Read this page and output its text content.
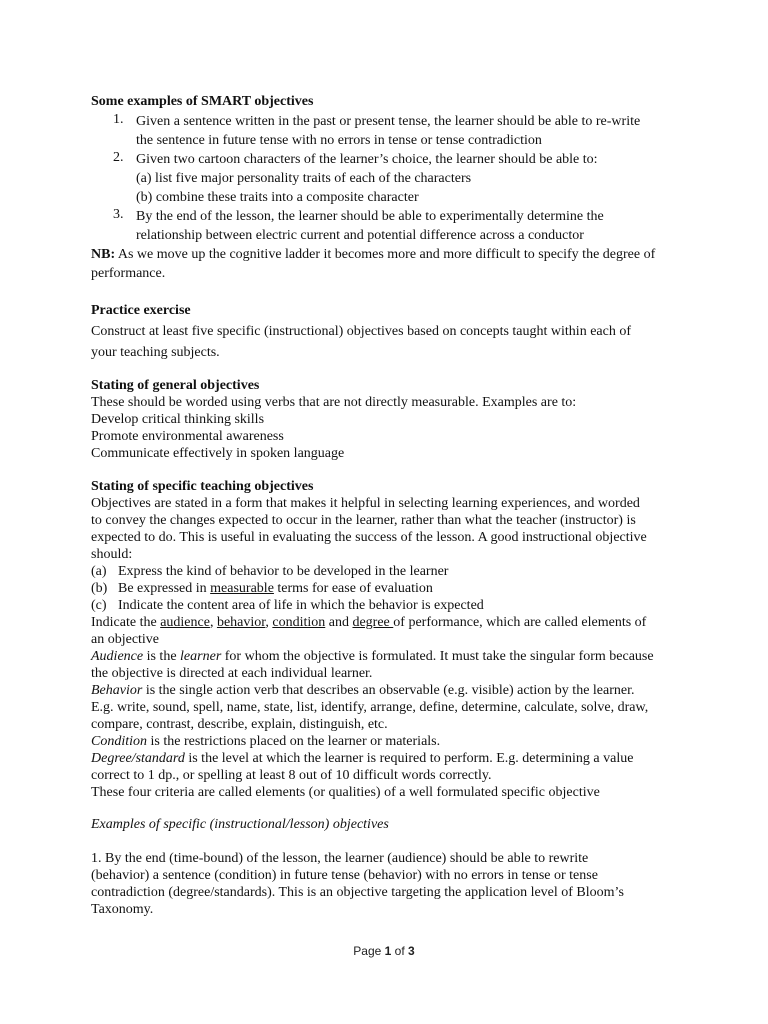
Some examples of SMART objectives
1. Given a sentence written in the past or present tense, the learner should be able to re-write
the sentence in future tense with no errors in tense or tense contradiction
2. Given two cartoon characters of the learner’s choice, the learner should be able to:
(a) list five major personality traits of each of the characters
(b) combine these traits into a composite character
3. By the end of the lesson, the learner should be able to experimentally determine the
relationship between electric current and potential difference across a conductor
NB: As we move up the cognitive ladder it becomes more and more difficult to specify the degree of
performance.
Practice exercise
Construct at least five specific (instructional) objectives based on concepts taught within each of
your teaching subjects.
Stating of general objectives
These should be worded using verbs that are not directly measurable. Examples are to:
Develop critical thinking skills
Promote environmental awareness
Communicate effectively in spoken language
Stating of specific teaching objectives
Objectives are stated in a form that makes it helpful in selecting learning experiences, and worded
to convey the changes expected to occur in the learner, rather than what the teacher (instructor) is
expected to do. This is useful in evaluating the success of the lesson. A good instructional objective
should:
(a) Express the kind of behavior to be developed in the learner
(b) Be expressed in measurable terms for ease of evaluation
(c) Indicate the content area of life in which the behavior is expected
Indicate the audience, behavior, condition and degree of performance, which are called elements of
an objective
Audience is the learner for whom the objective is formulated. It must take the singular form because
the objective is directed at each individual learner.
Behavior is the single action verb that describes an observable (e.g. visible) action by the learner.
E.g. write, sound, spell, name, state, list, identify, arrange, define, determine, calculate, solve, draw,
compare, contrast, describe, explain, distinguish, etc.
Condition is the restrictions placed on the learner or materials.
Degree/standard is the level at which the learner is required to perform. E.g. determining a value
correct to 1 dp., or spelling at least 8 out of 10 difficult words correctly.
These four criteria are called elements (or qualities) of a well formulated specific objective
Examples of specific (instructional/lesson) objectives
1. By the end (time-bound) of the lesson, the learner (audience) should be able to rewrite
(behavior) a sentence (condition) in future tense (behavior) with no errors in tense or tense
contradiction (degree/standards). This is an objective targeting the application level of Bloom’s
Taxonomy.
Page 1 of 3
